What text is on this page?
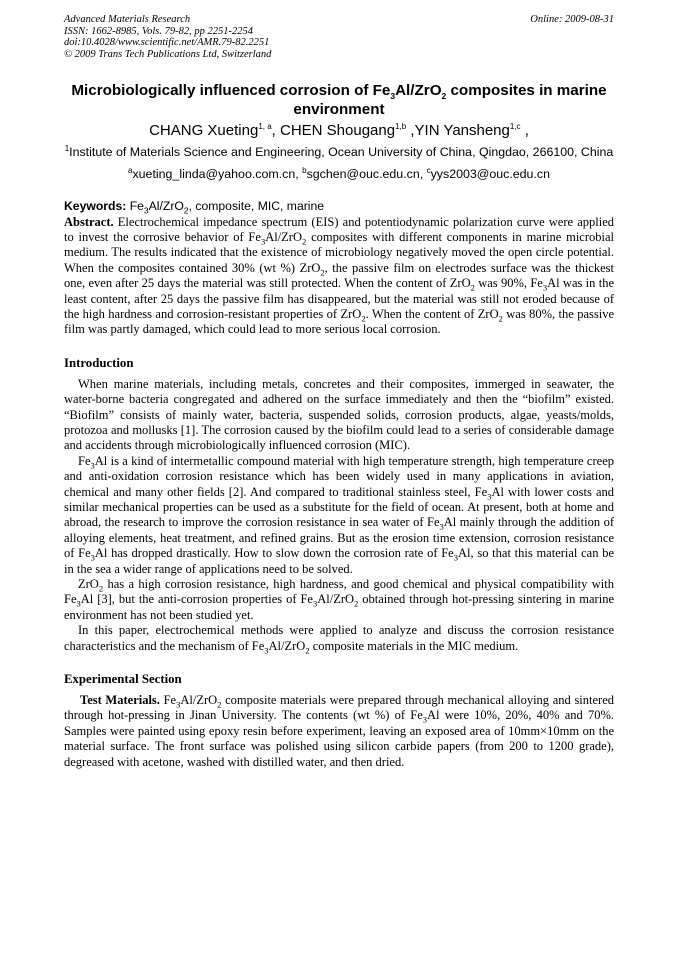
Advanced Materials Research
ISSN: 1662-8985, Vols. 79-82, pp 2251-2254
doi:10.4028/www.scientific.net/AMR.79-82.2251
© 2009 Trans Tech Publications Ltd, Switzerland
Online: 2009-08-31
Microbiologically influenced corrosion of $Fe_3Al/ZrO_2$ composites in marine environment
CHANG Xueting$^{1, a}$, CHEN Shougang$^{1,b}$ ,YIN Yansheng$^{1,c}$ ,
$^1$Institute of Materials Science and Engineering, Ocean University of China, Qingdao, 266100, China
$^a$xueting_linda@yahoo.com.cn, $^b$sgchen@ouc.edu.cn, $^c$yys2003@ouc.edu.cn
Keywords: $Fe_3Al/ZrO_2$, composite, MIC, marine

Abstract. Electrochemical impedance spectrum (EIS) and potentiodynamic polarization curve were applied to invest the corrosive behavior of $Fe_3Al/ZrO_2$ composites with different components in marine microbial medium. The results indicated that the existence of microbiology negatively moved the open circle potential. When the composites contained 30% (wt %) ZrO$_2$, the passive film on electrodes surface was the thickest one, even after 25 days the material was still protected. When the content of ZrO$_2$ was 90%, $Fe_3Al$ was in the least content, after 25 days the passive film has disappeared, but the material was still not eroded because of the high hardness and corrosion-resistant properties of ZrO$_2$. When the content of ZrO$_2$ was 80%, the passive film was partly damaged, which could lead to more serious local corrosion.

Introduction

When marine materials, including metals, concretes and their composites, immerged in seawater, the water-borne bacteria congregated and adhered on the surface immediately and then the “biofilm” existed. “Biofilm” consists of mainly water, bacteria, suspended solids, corrosion products, algae, yeasts/molds, protozoa and mollusks [1]. The corrosion caused by the biofilm could lead to a series of considerable damage and accidents through microbiologically influenced corrosion (MIC).

$Fe_3Al$ is a kind of intermetallic compound material with high temperature strength, high temperature creep and anti-oxidation corrosion resistance which has been widely used in many applications in aviation, chemical and many other fields [2]. And compared to traditional stainless steel, $Fe_3Al$ with lower costs and similar mechanical properties can be used as a substitute for the field of ocean. At present, both at home and abroad, the research to improve the corrosion resistance in sea water of $Fe_3Al$ mainly through the addition of alloying elements, heat treatment, and refined grains. But as the erosion time extension, corrosion resistance of $Fe_3Al$ has dropped drastically. How to slow down the corrosion rate of $Fe_3Al$, so that this material can be in the sea a wider range of applications need to be solved.

ZrO$_2$ has a high corrosion resistance, high hardness, and good chemical and physical compatibility with $Fe_3Al$ [3], but the anti-corrosion properties of $Fe_3Al/ZrO_2$ obtained through hot-pressing sintering in marine environment has not been studied yet.

In this paper, electrochemical methods were applied to analyze and discuss the corrosion resistance characteristics and the mechanism of $Fe_3Al/ZrO_2$ composite materials in the MIC medium.

Experimental Section

Test Materials. $Fe_3Al/ZrO_2$ composite materials were prepared through mechanical alloying and sintered through hot-pressing in Jinan University. The contents (wt %) of $Fe_3Al$ were 10%, 20%, 40% and 70%. Samples were painted using epoxy resin before experiment, leaving an exposed area of 10mm×10mm on the material surface. The front surface was polished using silicon carbide papers (from 200 to 1200 grade), degreased with acetone, washed with distilled water, and then dried.
